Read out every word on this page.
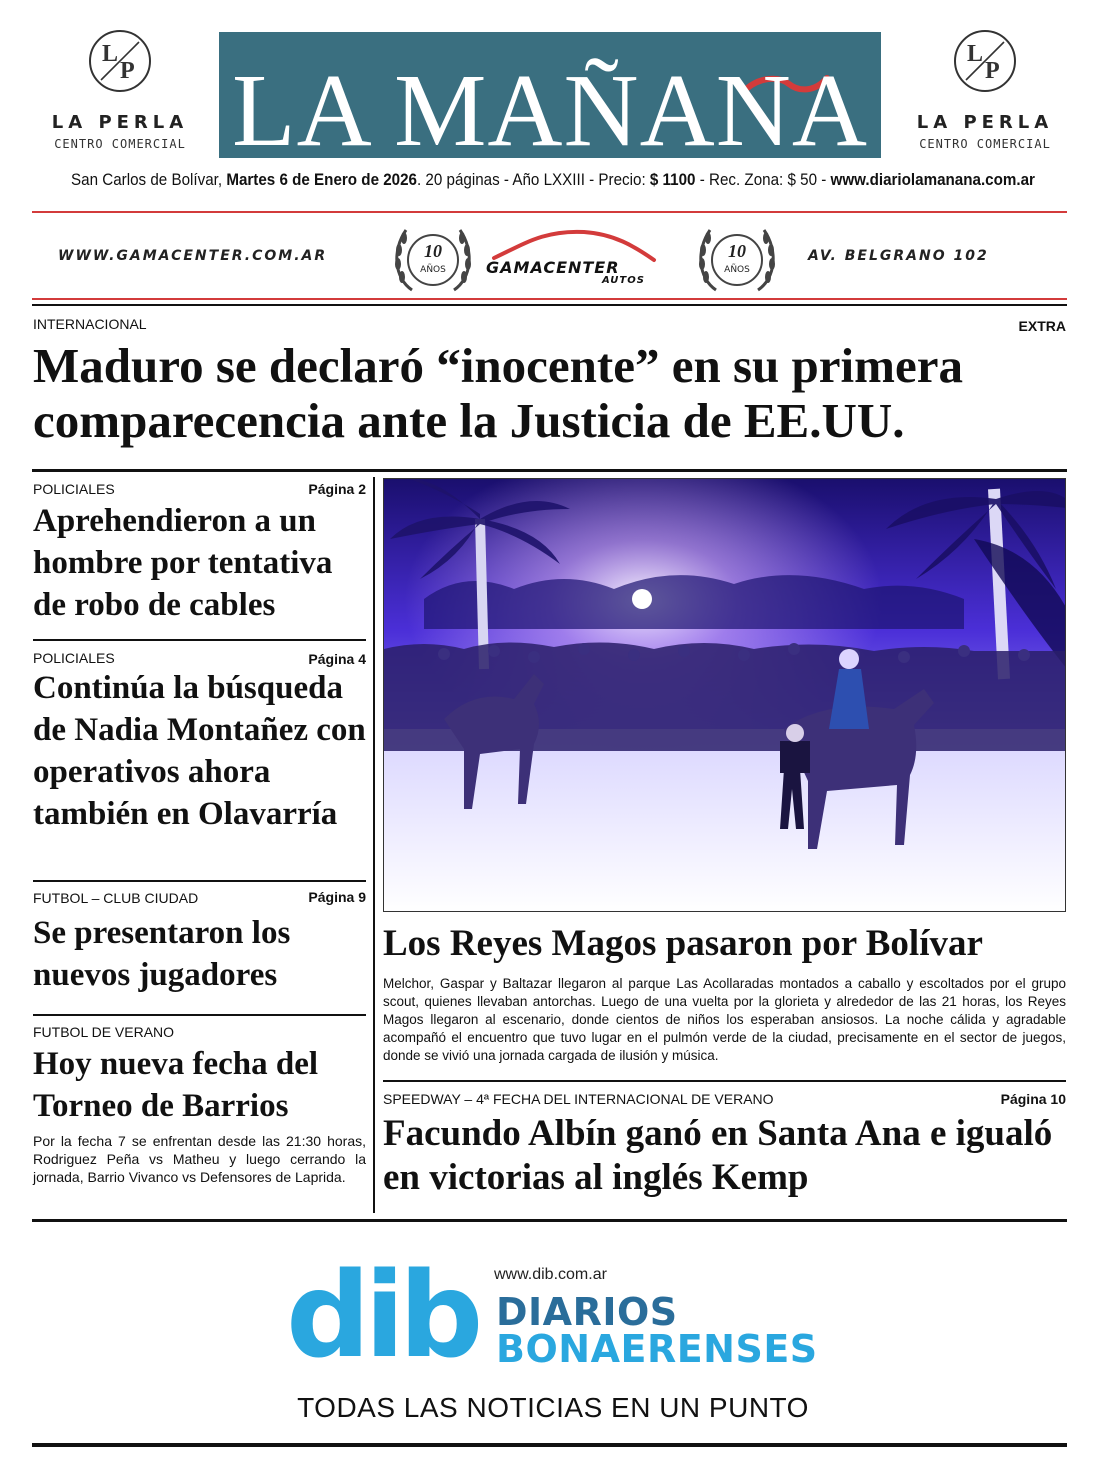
L
P
LA PERLA
CENTRO COMERCIAL LA MAÑANA	L
P
LA PERLA
CENTRO COMERCIAL
San Carlos de Bolívar, Martes 6 de Enero de 2026. 20 páginas - Año LXXIII - Precio: $ 1100 - Rec. Zona: $ 50 - www.diariolamanana.com.ar
WWW.GAMACENTER.COM.AR	10
AÑOS	GAMACENTER
AUTOS
10
AÑOS
AV. BELGRANO 102
INTERNACIONAL	EXTRA
Maduro se declaró “inocente” en su primera comparecencia ante la Justicia de EE.UU.
POLICIALES	Página 2
Aprehendieron a un hombre por tentativa de robo de cables
POLICIALES	Página 4
Continúa la búsqueda de Nadia Montañez con operativos ahora también en Olavarría
FUTBOL – CLUB CIUDAD	Página 9
Se presentaron los nuevos jugadores
FUTBOL DE VERANO
Hoy nueva fecha del Torneo de Barrios
Por la fecha 7 se enfrentan desde las 21:30 horas, Rodriguez Peña vs Matheu y luego cerrando la jornada, Barrio Vivanco vs Defensores de Laprida.
Los Reyes Magos pasaron por Bolívar
Melchor, Gaspar y Baltazar llegaron al parque Las Acollaradas montados a caballo y escoltados por el grupo scout, quienes llevaban antorchas. Luego de una vuelta por la glorieta y alrededor de las 21 horas, los Reyes Magos llegaron al escenario, donde cientos de niños los esperaban ansiosos. La noche cálida y agradable acompañó el encuentro que tuvo lugar en el pulmón verde de la ciudad, precisamente en el sector de juegos, donde se vivió una jornada cargada de ilusión y música.
SPEEDWAY – 4ª FECHA DEL INTERNACIONAL DE VERANO	Página 10
Facundo Albín ganó en Santa Ana e igualó en victorias al inglés Kemp
www.dib.com.ar
dib DIARIOS
BONAERENSES
TODAS LAS NOTICIAS EN UN PUNTO
